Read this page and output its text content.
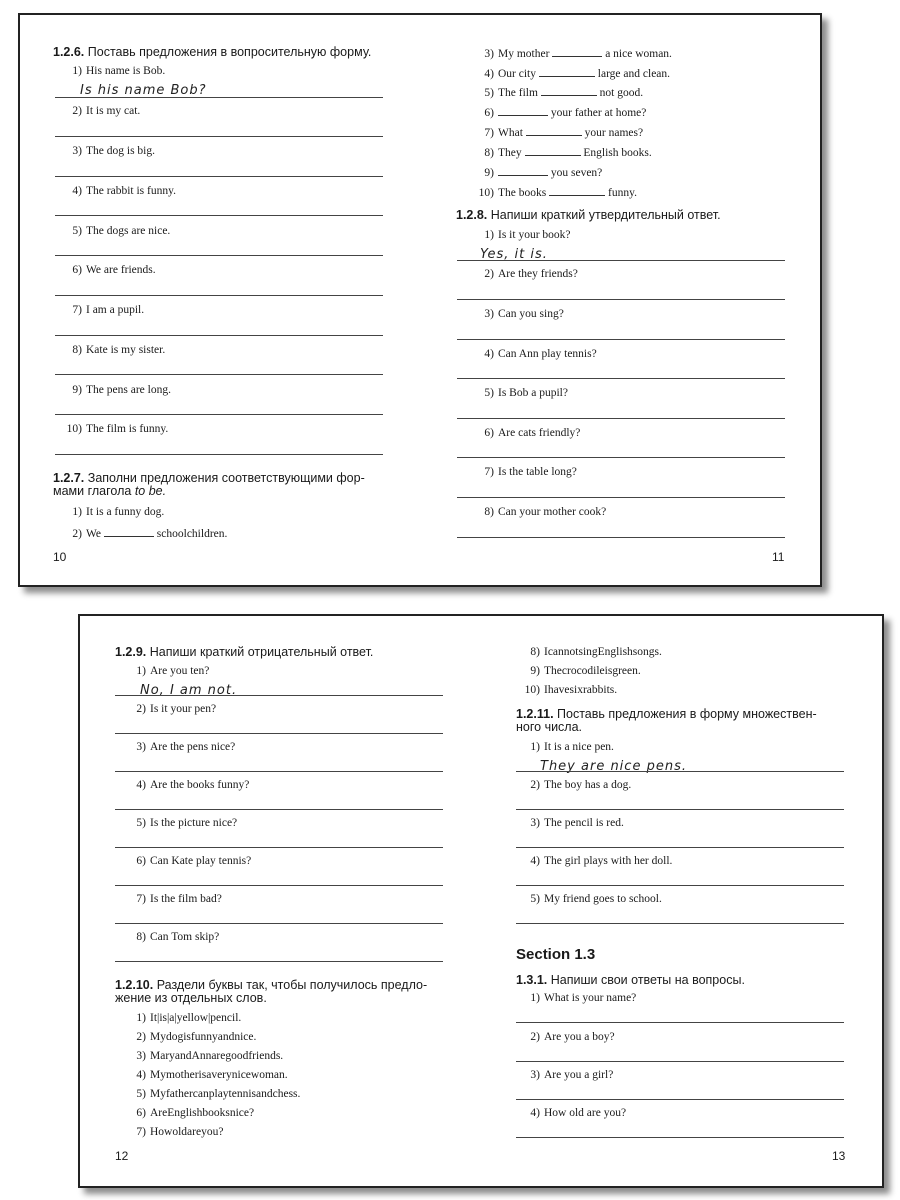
1.2.6. Поставь предложения в вопросительную форму.
1) His name is Bob.
Is his name Bob?
2) It is my cat.
3) The dog is big.
4) The rabbit is funny.
5) The dogs are nice.
6) We are friends.
7) I am a pupil.
8) Kate is my sister.
9) The pens are long.
10) The film is funny.
1.2.7. Заполни предложения соответствующими фор-
мами глагола to be.
1) It is a funny dog.
2) We	schoolchildren.
10
3) My mother	a nice woman.
4) Our city	large and clean.
5) The film	not good.
6)	your father at home?
7) What	your names?
8) They	English books.
9)	you seven?
10) The books	funny.
1.2.8. Напиши краткий утвердительный ответ.
1) Is it your book?
Yes, it is.
2) Are they friends?
3) Can you sing?
4) Can Ann play tennis?
5) Is Bob a pupil?
6) Are cats friendly?
7) Is the table long?
8) Can your mother cook?
11
1.2.9. Напиши краткий отрицательный ответ.
1) Are you ten?
No, I am not.
2) Is it your pen?
3) Are the pens nice?
4) Are the books funny?
5) Is the picture nice?
6) Can Kate play tennis?
7) Is the film bad?
8) Can Tom skip?
1.2.10. Раздели буквы так, чтобы получилось предло-
жение из отдельных слов.
1) It|is|a|yellow|pencil.
2) Mydogisfunnyandnice.
3) MaryandAnnaregoodfriends.
4) Mymotherisaverynicewoman.
5) Myfathercanplaytennisandchess.
6) AreEnglishbooksnice?
7) Howoldareyou?
12
8) IcannotsingEnglishsongs.
9) Thecrocodileisgreen.
10) Ihavesixrabbits.
1.2.11. Поставь предложения в форму множествен-
ного числа.
1) It is a nice pen.
They are nice pens.
2) The boy has a dog.
3) The pencil is red.
4) The girl plays with her doll.
5) My friend goes to school.
Section 1.3
1.3.1. Напиши свои ответы на вопросы.
1) What is your name?
2) Are you a boy?
3) Are you a girl?
4) How old are you?
13
